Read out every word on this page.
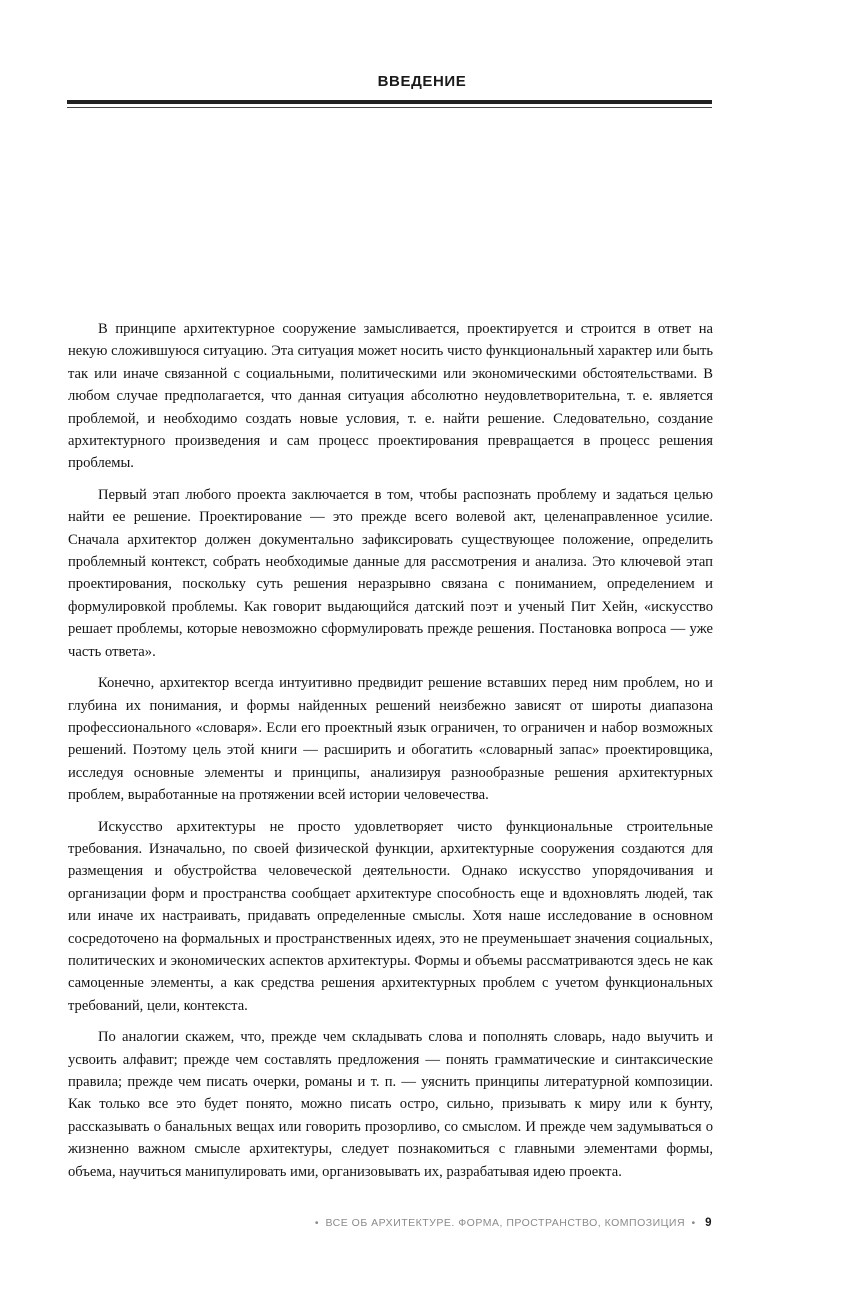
ВВЕДЕНИЕ

В принципе архитектурное сооружение замысливается, проектируется и строится в ответ на некую сложившуюся ситуацию. Эта ситуация может носить чисто функциональный характер или быть так или иначе связанной с социальными, политическими или экономическими обстоятельствами. В любом случае предполагается, что данная ситуация абсолютно неудовлетворительна, т. е. является проблемой, и необходимо создать новые условия, т. е. найти решение. Следовательно, создание архитектурного произведения и сам процесс проектирования превращается в процесс решения проблемы.

Первый этап любого проекта заключается в том, чтобы распознать проблему и задаться целью найти ее решение. Проектирование — это прежде всего волевой акт, целенаправленное усилие. Сначала архитектор должен документально зафиксировать существующее положение, определить проблемный контекст, собрать необходимые данные для рассмотрения и анализа. Это ключевой этап проектирования, поскольку суть решения неразрывно связана с пониманием, определением и формулировкой проблемы. Как говорит выдающийся датский поэт и ученый Пит Хейн, «искусство решает проблемы, которые невозможно сформулировать прежде решения. Постановка вопроса — уже часть ответа».

Конечно, архитектор всегда интуитивно предвидит решение вставших перед ним проблем, но и глубина их понимания, и формы найденных решений неизбежно зависят от широты диапазона профессионального «словаря». Если его проектный язык ограничен, то ограничен и набор возможных решений. Поэтому цель этой книги — расширить и обогатить «словарный запас» проектировщика, исследуя основные элементы и принципы, анализируя разнообразные решения архитектурных проблем, выработанные на протяжении всей истории человечества.

Искусство архитектуры не просто удовлетворяет чисто функциональные строительные требования. Изначально, по своей физической функции, архитектурные сооружения создаются для размещения и обустройства человеческой деятельности. Однако искусство упорядочивания и организации форм и пространства сообщает архитектуре способность еще и вдохновлять людей, так или иначе их настраивать, придавать определенные смыслы. Хотя наше исследование в основном сосредоточено на формальных и пространственных идеях, это не преуменьшает значения социальных, политических и экономических аспектов архитектуры. Формы и объемы рассматриваются здесь не как самоценные элементы, а как средства решения архитектурных проблем с учетом функциональных требований, цели, контекста.

По аналогии скажем, что, прежде чем складывать слова и пополнять словарь, надо выучить и усвоить алфавит; прежде чем составлять предложения — понять грамматические и синтаксические правила; прежде чем писать очерки, романы и т. п. — уяснить принципы литературной композиции. Как только все это будет понято, можно писать остро, сильно, призывать к миру или к бунту, рассказывать о банальных вещах или говорить прозорливо, со смыслом. И прежде чем задумываться о жизненно важном смысле архитектуры, следует познакомиться с главными элементами формы, объема, научиться манипулировать ими, организовывать их, разрабатывая идею проекта.

• ВСЕ ОБ АРХИТЕКТУРЕ. ФОРМА, ПРОСТРАНСТВО, КОМПОЗИЦИЯ • 9
